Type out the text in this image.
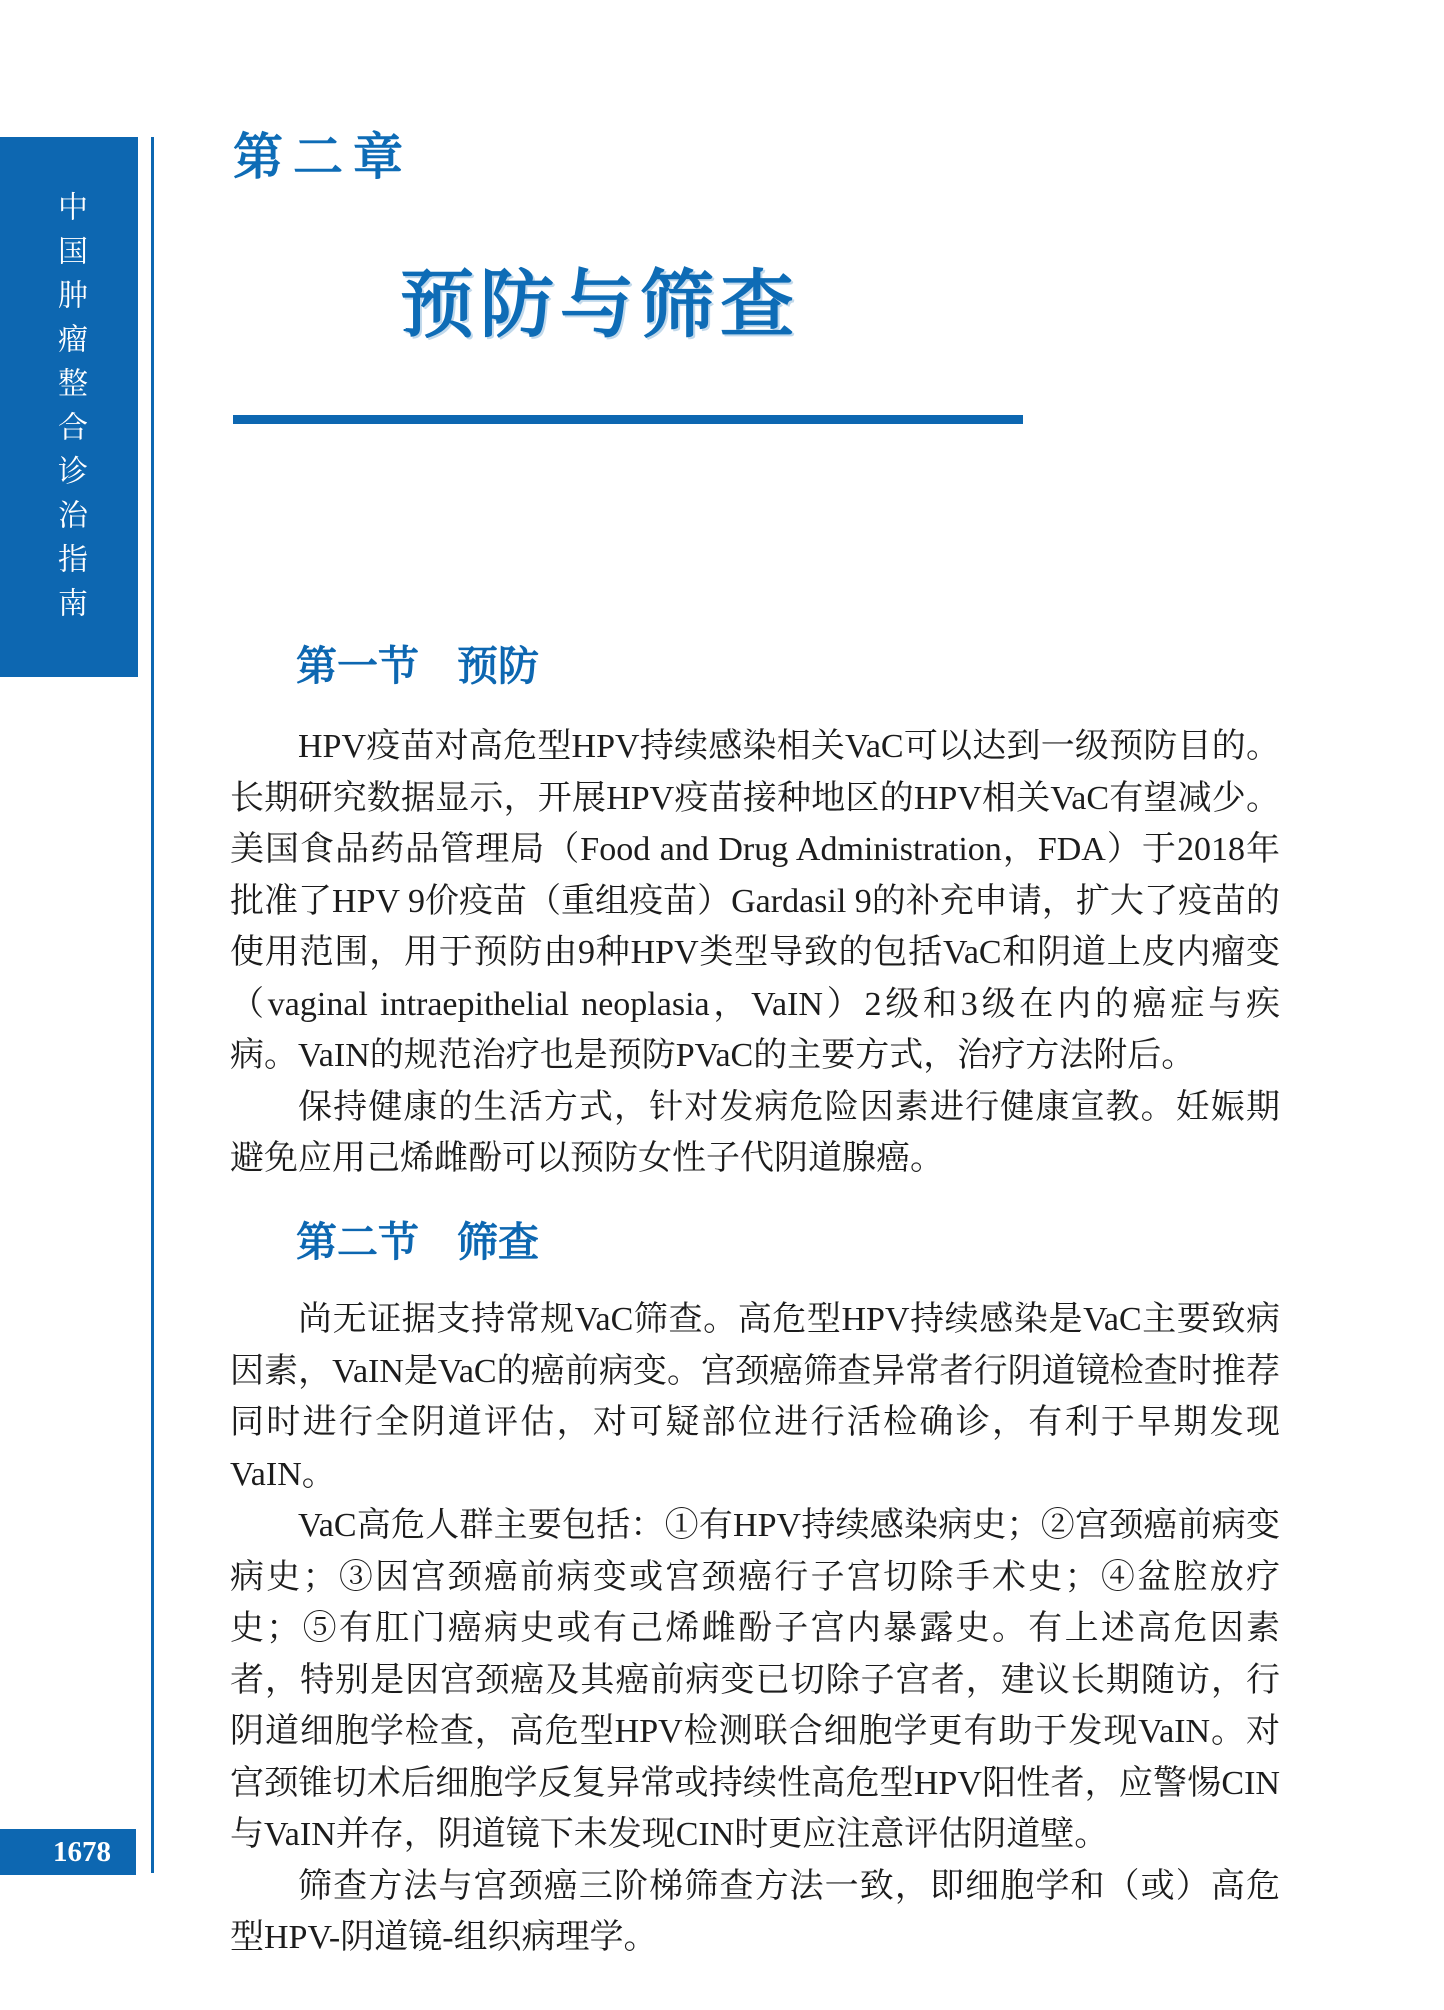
中国肿瘤整合诊治指南
第二章
预防与筛查
第一节 预防

HPV疫苗对高危型HPV持续感染相关VaC可以达到一级预防目的。长期研究数据显示，开展HPV疫苗接种地区的HPV相关VaC有望减少。美国食品药品管理局（Food and Drug Administration，FDA）于2018年批准了HPV 9价疫苗（重组疫苗）Gardasil 9的补充申请，扩大了疫苗的使用范围，用于预防由9种HPV类型导致的包括VaC和阴道上皮内瘤变（vaginal intraepithelial neoplasia，VaIN）2级和3级在内的癌症与疾病。VaIN的规范治疗也是预防PVaC的主要方式，治疗方法附后。

保持健康的生活方式，针对发病危险因素进行健康宣教。妊娠期避免应用己烯雌酚可以预防女性子代阴道腺癌。

第二节 筛查

尚无证据支持常规VaC筛查。高危型HPV持续感染是VaC主要致病因素，VaIN是VaC的癌前病变。宫颈癌筛查异常者行阴道镜检查时推荐同时进行全阴道评估，对可疑部位进行活检确诊，有利于早期发现VaIN。

VaC高危人群主要包括：①有HPV持续感染病史；②宫颈癌前病变病史；③因宫颈癌前病变或宫颈癌行子宫切除手术史；④盆腔放疗史；⑤有肛门癌病史或有己烯雌酚子宫内暴露史。有上述高危因素者，特别是因宫颈癌及其癌前病变已切除子宫者，建议长期随访，行阴道细胞学检查，高危型HPV检测联合细胞学更有助于发现VaIN。对宫颈锥切术后细胞学反复异常或持续性高危型HPV阳性者，应警惕CIN与VaIN并存，阴道镜下未发现CIN时更应注意评估阴道壁。

筛查方法与宫颈癌三阶梯筛查方法一致，即细胞学和（或）高危型HPV-阴道镜-组织病理学。

1678
